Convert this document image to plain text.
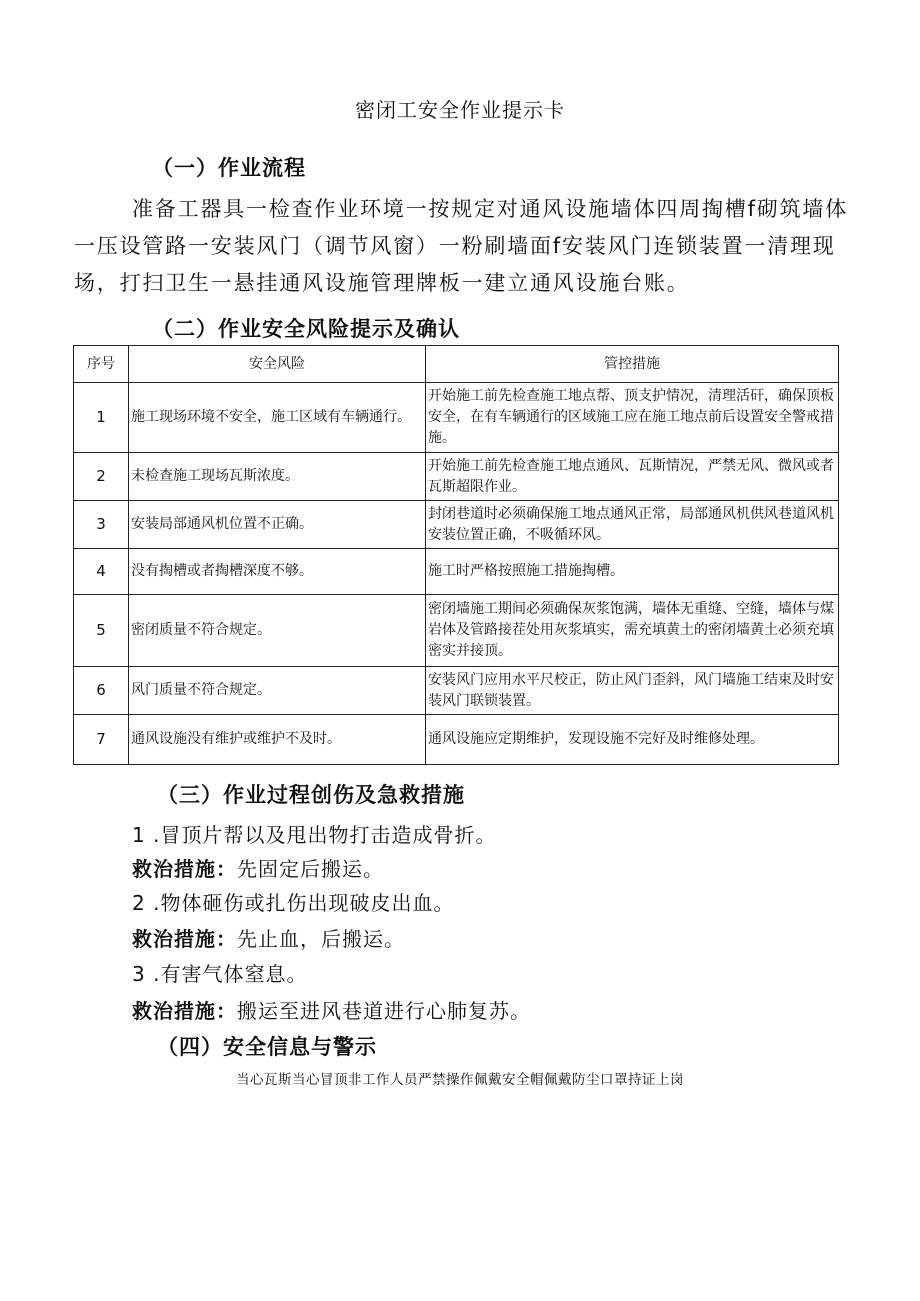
密闭工安全作业提示卡
（一）作业流程

准备工器具一检查作业环境一按规定对通风设施墙体四周掏槽f砌筑墙体一压设管路一安装风门（调节风窗）一粉刷墙面f安装风门连锁装置一清理现场，打扫卫生一悬挂通风设施管理牌板一建立通风设施台账。

（二）作业安全风险提示及确认
序号	安全风险	管控措施
1	施工现场环境不安全，施工区域有车辆通行。	开始施工前先检查施工地点帮、顶支护情况，清理活矸，确保顶板安全，在有车辆通行的区域施工应在施工地点前后设置安全警戒措施。
2	未检查施工现场瓦斯浓度。	开始施工前先检查施工地点通风、瓦斯情况，严禁无风、微风或者瓦斯超限作业。
3	安装局部通风机位置不正确。	封闭巷道时必须确保施工地点通风正常，局部通风机供风巷道风机安装位置正确，不吸循环风。
4	没有掏槽或者掏槽深度不够。	施工时严格按照施工措施掏槽。
5	密闭质量不符合规定。	密闭墙施工期间必须确保灰浆饱满，墙体无重缝、空缝，墙体与煤岩体及管路接茬处用灰浆填实，需充填黄土的密闭墙黄土必须充填密实并接顶。
6	风门质量不符合规定。	安装风门应用水平尺校正，防止风门歪斜，风门墙施工结束及时安装风门联锁装置。
7	通风设施没有维护或维护不及时。	通风设施应定期维护，发现设施不完好及时维修处理。
（三）作业过程创伤及急救措施

1 .冒顶片帮以及甩出物打击造成骨折。

救治措施：先固定后搬运。

2 .物体砸伤或扎伤出现破皮出血。

救治措施：先止血，后搬运。

3 .有害气体窒息。

救治措施：搬运至进风巷道进行心肺复苏。

（四）安全信息与警示

当心瓦斯当心冒顶非工作人员严禁操作佩戴安全帽佩戴防尘口罩持证上岗
